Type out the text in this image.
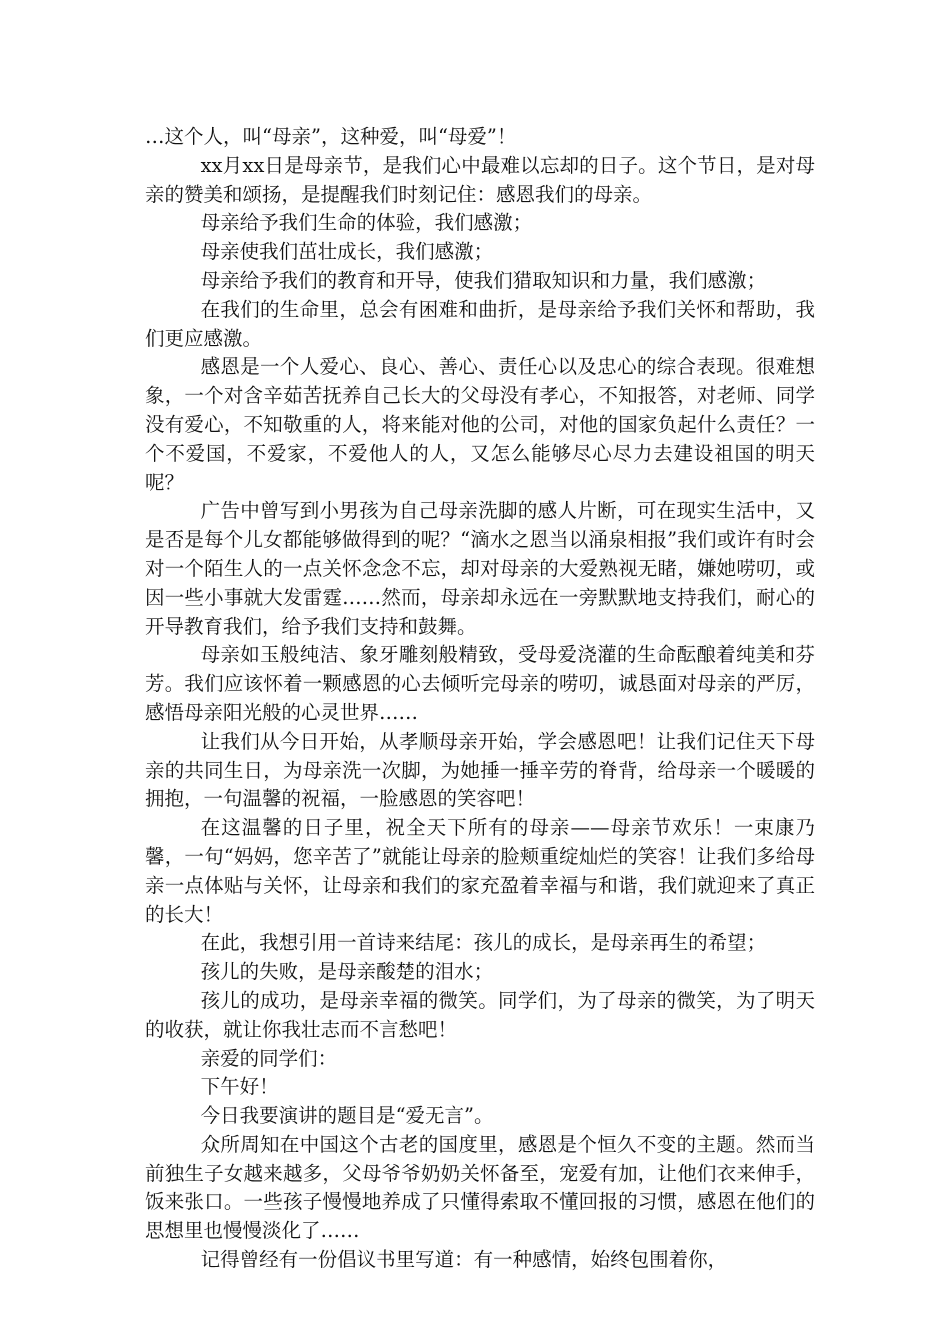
…这个人，叫“母亲”，这种爱，叫“母爱”！

xx月xx日是母亲节，是我们心中最难以忘却的日子。这个节日，是对母亲的赞美和颂扬，是提醒我们时刻记住：感恩我们的母亲。

母亲给予我们生命的体验，我们感激；

母亲使我们茁壮成长，我们感激；

母亲给予我们的教育和开导，使我们猎取知识和力量，我们感激；

在我们的生命里，总会有困难和曲折，是母亲给予我们关怀和帮助，我们更应感激。

感恩是一个人爱心、良心、善心、责任心以及忠心的综合表现。很难想象，一个对含辛茹苦抚养自己长大的父母没有孝心，不知报答，对老师、同学没有爱心，不知敬重的人，将来能对他的公司，对他的国家负起什么责任？一个不爱国，不爱家，不爱他人的人，又怎么能够尽心尽力去建设祖国的明天呢？

广告中曾写到小男孩为自己母亲洗脚的感人片断，可在现实生活中，又是否是每个儿女都能够做得到的呢？“滴水之恩当以涌泉相报”我们或许有时会对一个陌生人的一点关怀念念不忘，却对母亲的大爱熟视无睹，嫌她唠叨，或因一些小事就大发雷霆……然而，母亲却永远在一旁默默地支持我们，耐心的开导教育我们，给予我们支持和鼓舞。

母亲如玉般纯洁、象牙雕刻般精致，受母爱浇灌的生命酝酿着纯美和芬芳。我们应该怀着一颗感恩的心去倾听完母亲的唠叨，诚恳面对母亲的严厉，感悟母亲阳光般的心灵世界……

让我们从今日开始，从孝顺母亲开始，学会感恩吧！让我们记住天下母亲的共同生日，为母亲洗一次脚，为她捶一捶辛劳的脊背，给母亲一个暖暖的拥抱，一句温馨的祝福，一脸感恩的笑容吧！

在这温馨的日子里，祝全天下所有的母亲——母亲节欢乐！一束康乃馨，一句“妈妈，您辛苦了”就能让母亲的脸颊重绽灿烂的笑容！让我们多给母亲一点体贴与关怀，让母亲和我们的家充盈着幸福与和谐，我们就迎来了真正的长大！

在此，我想引用一首诗来结尾：孩儿的成长，是母亲再生的希望；

孩儿的失败，是母亲酸楚的泪水；

孩儿的成功，是母亲幸福的微笑。同学们，为了母亲的微笑，为了明天的收获，就让你我壮志而不言愁吧！

亲爱的同学们：

下午好！

今日我要演讲的题目是“爱无言”。

众所周知在中国这个古老的国度里，感恩是个恒久不变的主题。然而当前独生子女越来越多，父母爷爷奶奶关怀备至，宠爱有加，让他们衣来伸手，饭来张口。一些孩子慢慢地养成了只懂得索取不懂回报的习惯，感恩在他们的思想里也慢慢淡化了……

记得曾经有一份倡议书里写道：有一种感情，始终包围着你，
